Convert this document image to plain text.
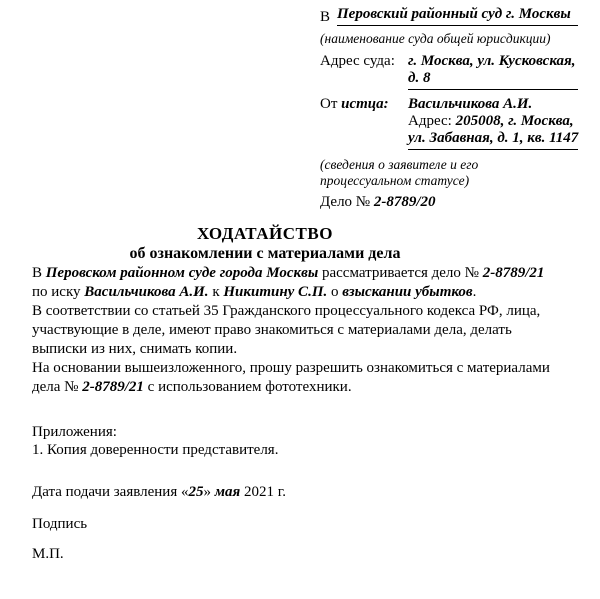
В Перовский районный суд г. Москвы
(наименование суда общей юрисдикции)
Адрес суда: г. Москва, ул. Кусковская,
д. 8
От истца:	Васильчикова А.И.
Адрес: 205008, г. Москва,
ул. Забавная, д. 1, кв. 1147
(сведения о заявителе и его
процессуальном статусе)
Дело № 2-8789/20
ХОДАТАЙСТВО
об ознакомлении с материалами дела

В Перовском районном суде города Москвы рассматривается дело № 2-8789/21 по иску Васильчикова А.И. к Никитину С.П. о взыскании убытков.

В соответствии со статьей 35 Гражданского процессуального кодекса РФ, лица, участвующие в деле, имеют право знакомиться с материалами дела, делать выписки из них, снимать копии.

На основании вышеизложенного, прошу разрешить ознакомиться с материалами дела № 2-8789/21 с использованием фототехники.

Приложения:
1. Копия доверенности представителя.
Дата подачи заявления «25» мая 2021 г.
Подпись
М.П.
